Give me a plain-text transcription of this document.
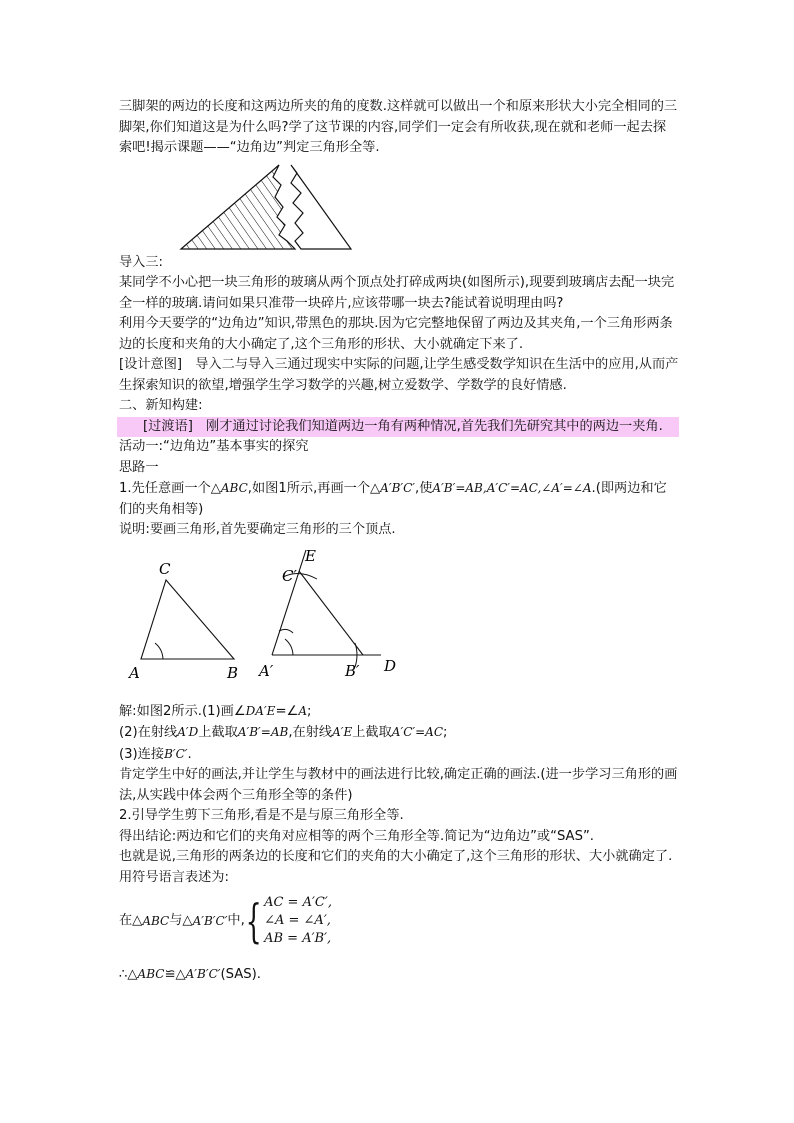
三脚架的两边的长度和这两边所夹的角的度数.这样就可以做出一个和原来形状大小完全相同的三脚架,你们知道这是为什么吗?学了这节课的内容,同学们一定会有所收获,现在就和老师一起去探索吧!揭示课题——“边角边”判定三角形全等.

导入三:

某同学不小心把一块三角形的玻璃从两个顶点处打碎成两块(如图所示),现要到玻璃店去配一块完全一样的玻璃.请问如果只准带一块碎片,应该带哪一块去?能试着说明理由吗?

利用今天要学的“边角边”知识,带黑色的那块.因为它完整地保留了两边及其夹角,一个三角形两条边的长度和夹角的大小确定了,这个三角形的形状、大小就确定下来了.

[设计意图]　导入二与导入三通过现实中实际的问题,让学生感受数学知识在生活中的应用,从而产生探索知识的欲望,增强学生学习数学的兴趣,树立爱数学、学数学的良好情感.

二、新知构建:

[过渡语]　刚才通过讨论我们知道两边一角有两种情况,首先我们先研究其中的两边一夹角.

活动一:“边角边”基本事实的探究

思路一

1.先任意画一个△ABC,如图1所示,再画一个△A′B′C′,使A′B′=AB,A′C′=AC,∠A′=∠A.(即两边和它们的夹角相等)

说明:要画三角形,首先要确定三角形的三个顶点.

C
A	B
E
C′
A′	B′ D

解:如图2所示.(1)画∠DA′E=∠A;

(2)在射线A′D上截取A′B′=AB,在射线A′E上截取A′C′=AC;

(3)连接B′C′.

肯定学生中好的画法,并让学生与教材中的画法进行比较,确定正确的画法.(进一步学习三角形的画法,从实践中体会两个三角形全等的条件)

2.引导学生剪下三角形,看是不是与原三角形全等.

得出结论:两边和它们的夹角对应相等的两个三角形全等.简记为“边角边”或“SAS”.

也就是说,三角形的两条边的长度和它们的夹角的大小确定了,这个三角形的形状、大小就确定了.

用符号语言表述为:

在△ ABC 与△ A′B′C′ 中, { AC = A′C′,
∠A = ∠A′,
AB = A′B′,

∴△ABC≌△A′B′C′(SAS).
